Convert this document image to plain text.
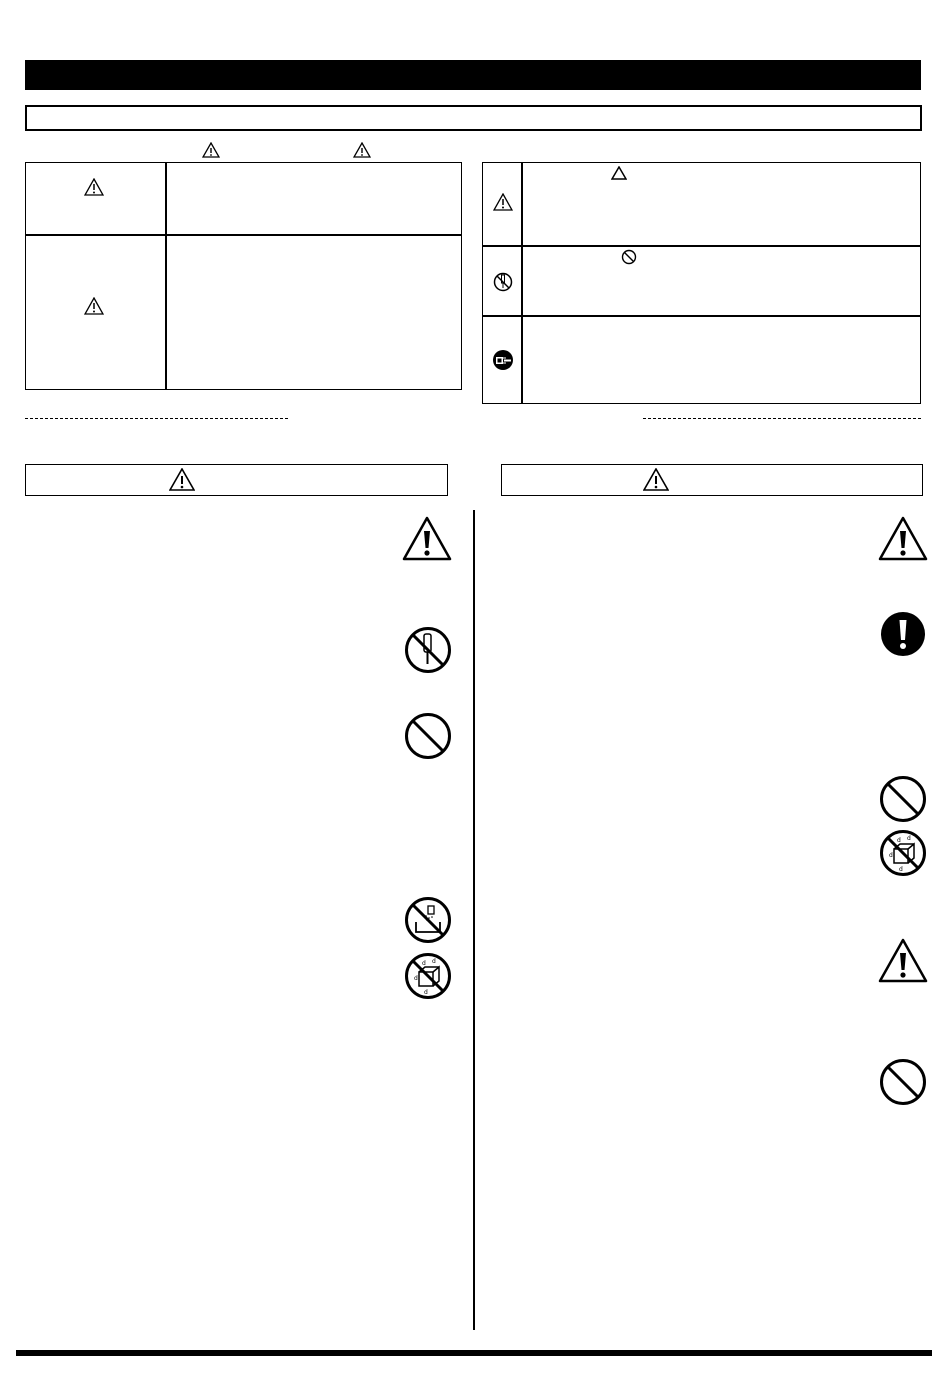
d d
d
d
d d
d
d
